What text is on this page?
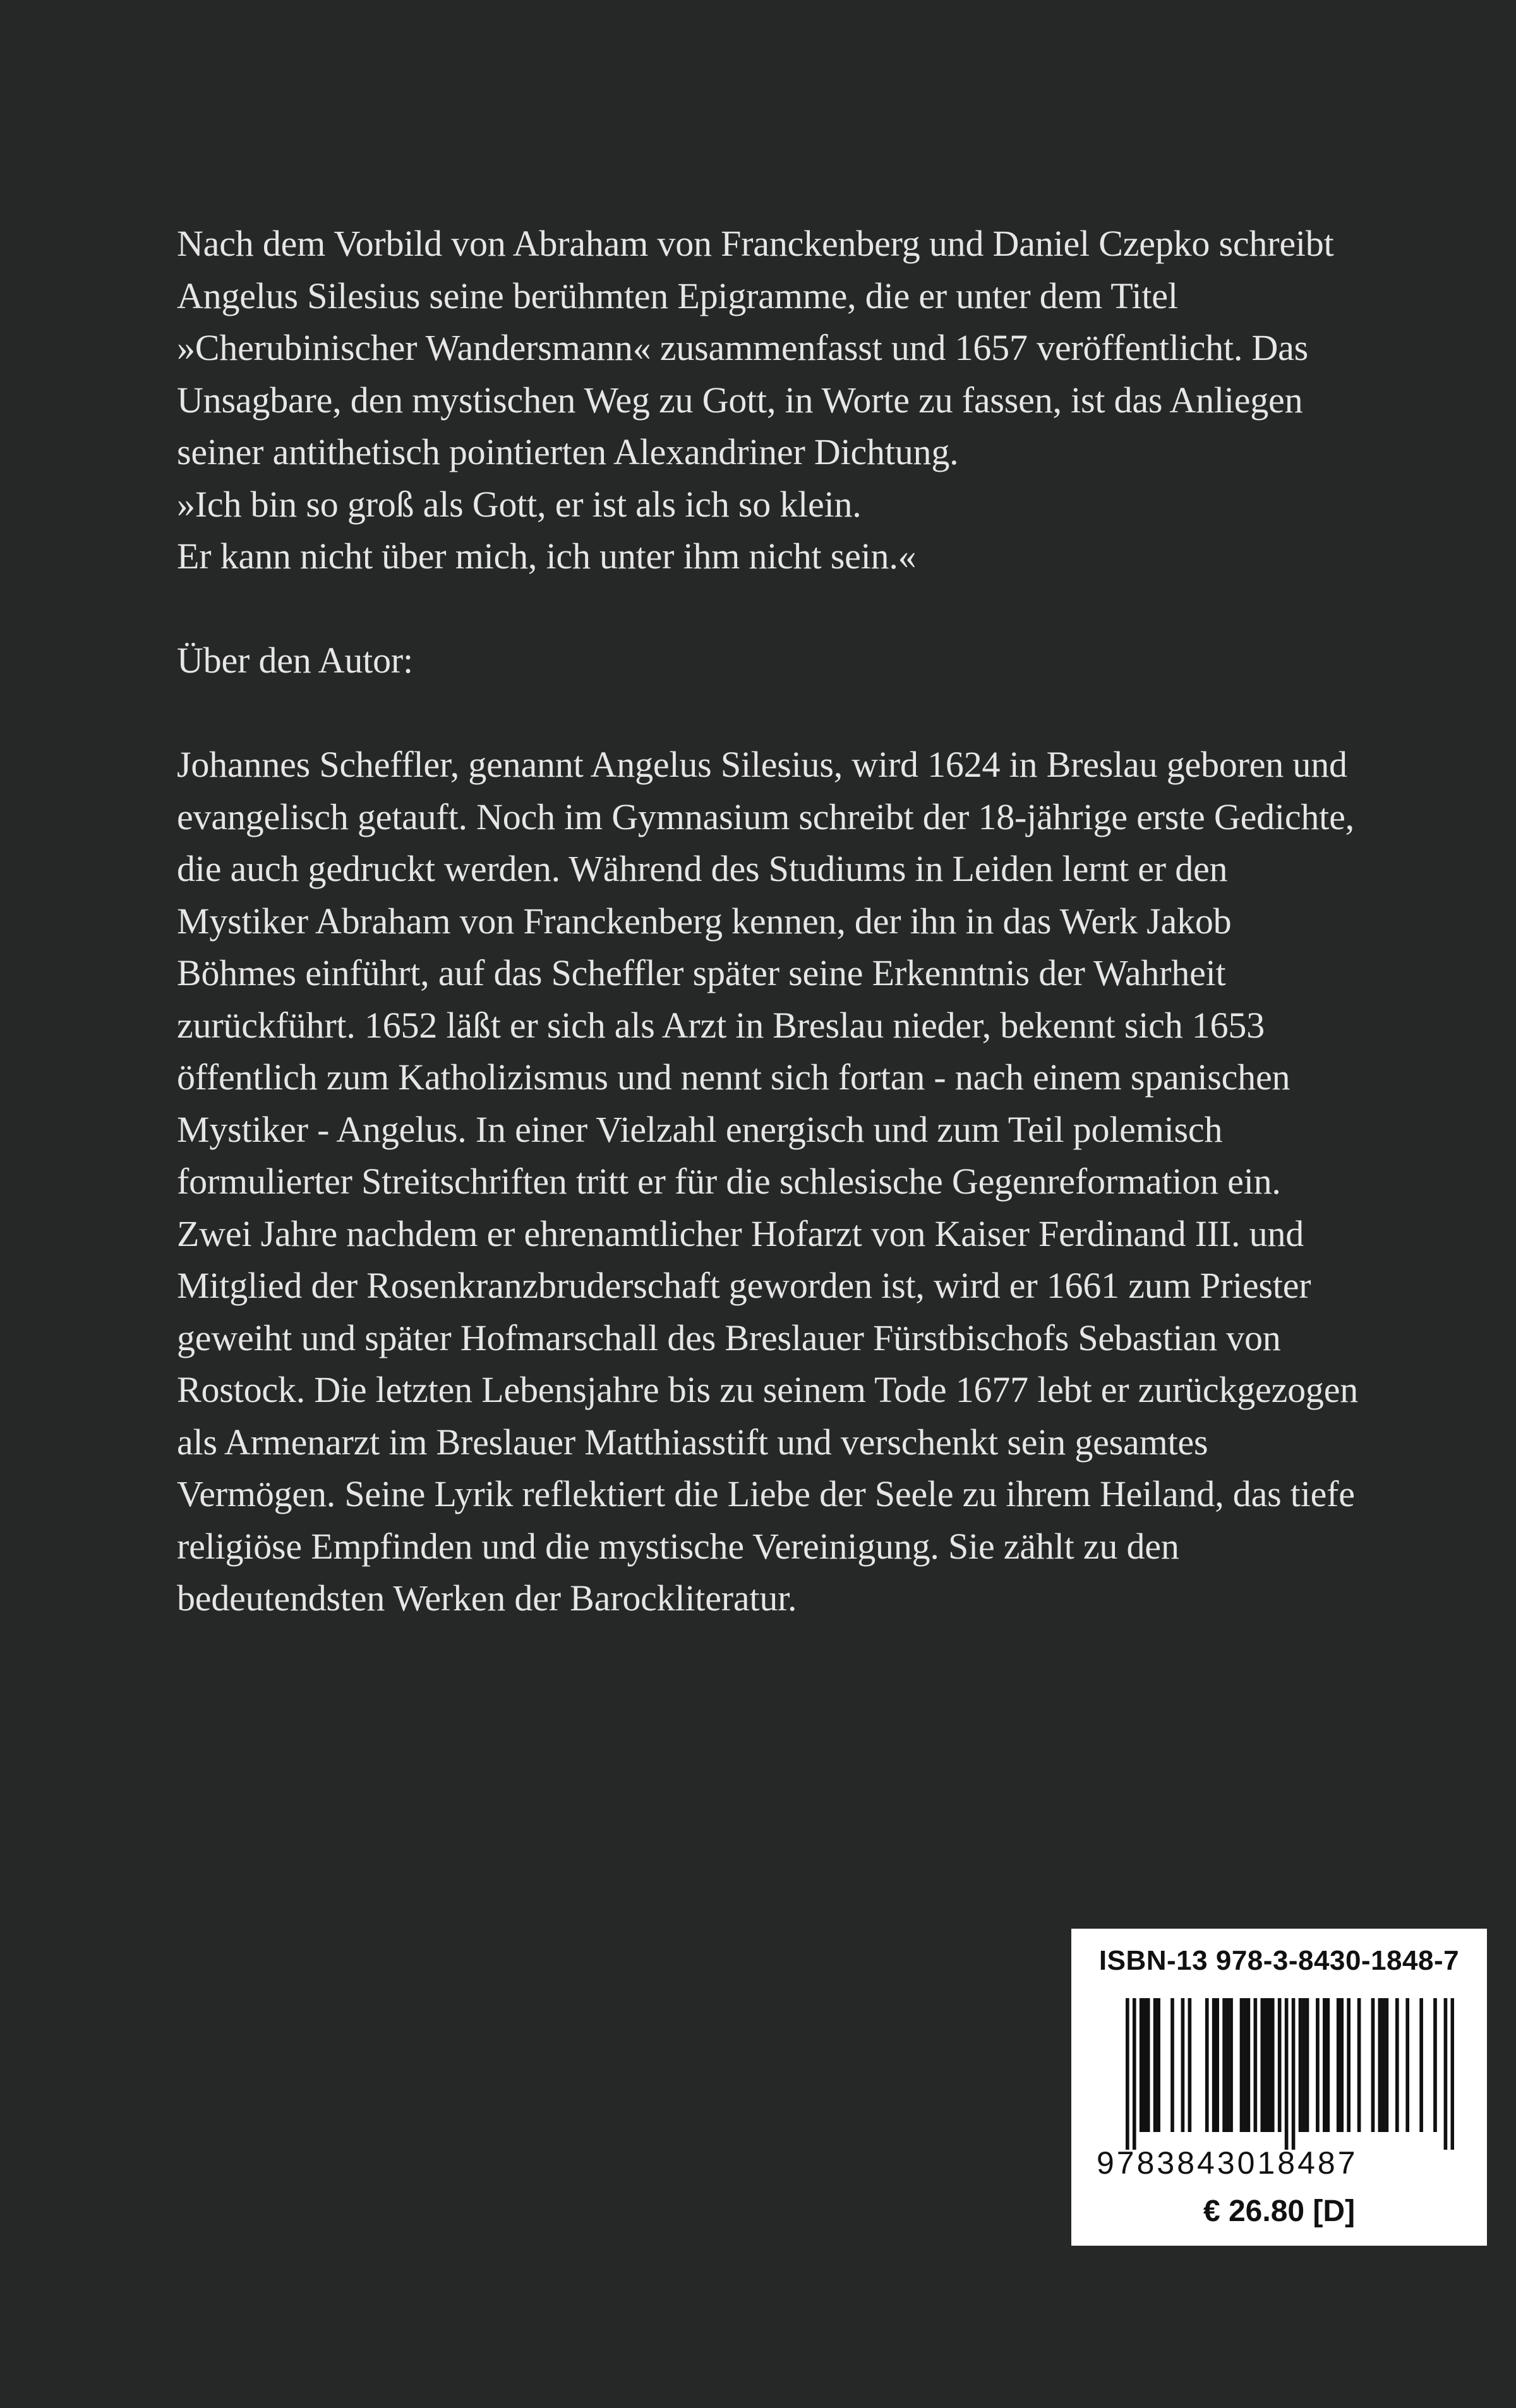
Nach dem Vorbild von Abraham von Franckenberg und Daniel Czepko schreibt
Angelus Silesius seine berühmten Epigramme, die er unter dem Titel
»Cherubinischer Wandersmann« zusammenfasst und 1657 veröffentlicht. Das
Unsagbare, den mystischen Weg zu Gott, in Worte zu fassen, ist das Anliegen
seiner antithetisch pointierten Alexandriner Dichtung.
»Ich bin so groß als Gott, er ist als ich so klein.
Er kann nicht über mich, ich unter ihm nicht sein.«
Über den Autor:
Johannes Scheffler, genannt Angelus Silesius, wird 1624 in Breslau geboren und
evangelisch getauft. Noch im Gymnasium schreibt der 18-jährige erste Gedichte,
die auch gedruckt werden. Während des Studiums in Leiden lernt er den
Mystiker Abraham von Franckenberg kennen, der ihn in das Werk Jakob
Böhmes einführt, auf das Scheffler später seine Erkenntnis der Wahrheit
zurückführt. 1652 läßt er sich als Arzt in Breslau nieder, bekennt sich 1653
öffentlich zum Katholizismus und nennt sich fortan - nach einem spanischen
Mystiker - Angelus. In einer Vielzahl energisch und zum Teil polemisch
formulierter Streitschriften tritt er für die schlesische Gegenreformation ein.
Zwei Jahre nachdem er ehrenamtlicher Hofarzt von Kaiser Ferdinand III. und
Mitglied der Rosenkranzbruderschaft geworden ist, wird er 1661 zum Priester
geweiht und später Hofmarschall des Breslauer Fürstbischofs Sebastian von
Rostock. Die letzten Lebensjahre bis zu seinem Tode 1677 lebt er zurückgezogen
als Armenarzt im Breslauer Matthiasstift und verschenkt sein gesamtes
Vermögen. Seine Lyrik reflektiert die Liebe der Seele zu ihrem Heiland, das tiefe
religiöse Empfinden und die mystische Vereinigung. Sie zählt zu den
bedeutendsten Werken der Barockliteratur.
ISBN-13 978-3-8430-1848-7
9783843018487
€ 26.80 [D]
